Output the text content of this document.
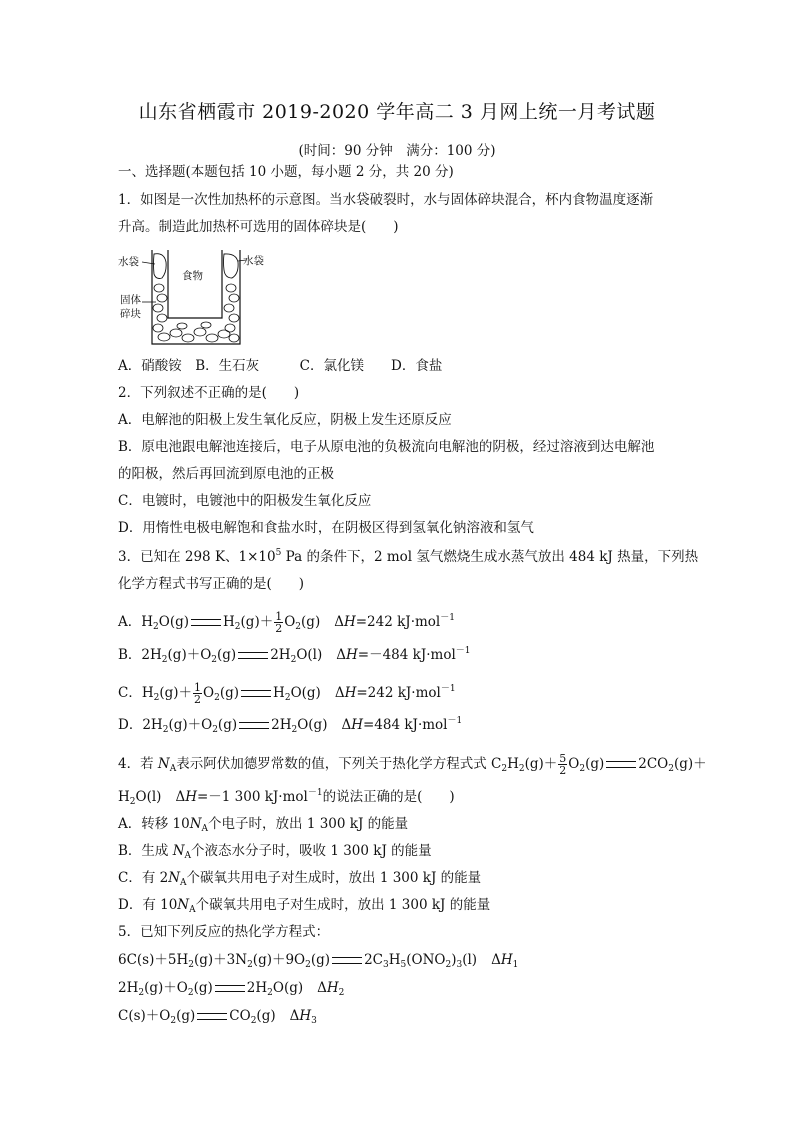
山东省栖霞市 2019-2020 学年高二 3 月网上统一月考试题
(时间：90 分钟　满分：100 分)
一、选择题(本题包括 10 小题，每小题 2 分，共 20 分)
1．如图是一次性加热杯的示意图。当水袋破裂时，水与固体碎块混合，杯内食物温度逐渐
升高。制造此加热杯可选用的固体碎块是(　　)
水袋
食物
水袋
固体
碎块
A．硝酸铵　B．生石灰　　　C．氯化镁　　D．食盐
2．下列叙述不正确的是(　　)
A．电解池的阳极上发生氧化反应，阴极上发生还原反应
B．原电池跟电解池连接后，电子从原电池的负极流向电解池的阴极，经过溶液到达电解池
的阳极，然后再回流到原电池的正极
C．电镀时，电镀池中的阳极发生氧化反应
D．用惰性电极电解饱和食盐水时，在阴极区得到氢氧化钠溶液和氢气
3．已知在 298 K、$1\times 10^5$ Pa 的条件下，2 mol 氢气燃烧生成水蒸气放出 484 kJ 热量，下列热
化学方程式书写正确的是(　　)
A．$H_2O(g)$	$H_2(g)+ \frac{1}{2} O_2(g)$ ΔH=242 kJ·mol$^{-1}$
B．$2H_2(g)+O_2(g)$	$2H_2O(l)$ ΔH=－484 kJ·mol$^{-1}$
C．$H_2(g)+ \frac{1}{2} O_2(g)$	$H_2O(g)$ ΔH=242 kJ·mol$^{-1}$
D．$2H_2(g)+O_2(g)$	$2H_2O(g)$ ΔH=484 kJ·mol$^{-1}$
4．若 $N_A$表示阿伏加德罗常数的值，下列关于热化学方程式式 $C_2H_2(g)+ \frac{5}{2} O_2(g)$	$2CO_2(g)+$
$H_2O(l)$ ΔH=－1 300 kJ·mol$^{-1}$的说法正确的是(　　)
A．转移 $10N_A$个电子时，放出 1 300 kJ 的能量
B．生成 $N_A$个液态水分子时，吸收 1 300 kJ 的能量
C．有 $2N_A$个碳氧共用电子对生成时，放出 1 300 kJ 的能量
D．有 $10N_A$个碳氧共用电子对生成时，放出 1 300 kJ 的能量
5．已知下列反应的热化学方程式：
$6C(s)+5H_2(g)+3N_2(g)+9O_2(g)$	$2C_3H_5(ONO_2)_3(l)$ $\Delta H_1$
$2H_2(g)+O_2(g)$	$2H_2O(g)$ $\Delta H_2$
$C(s)+O_2(g)$	$CO_2(g)$ $\Delta H_3$
